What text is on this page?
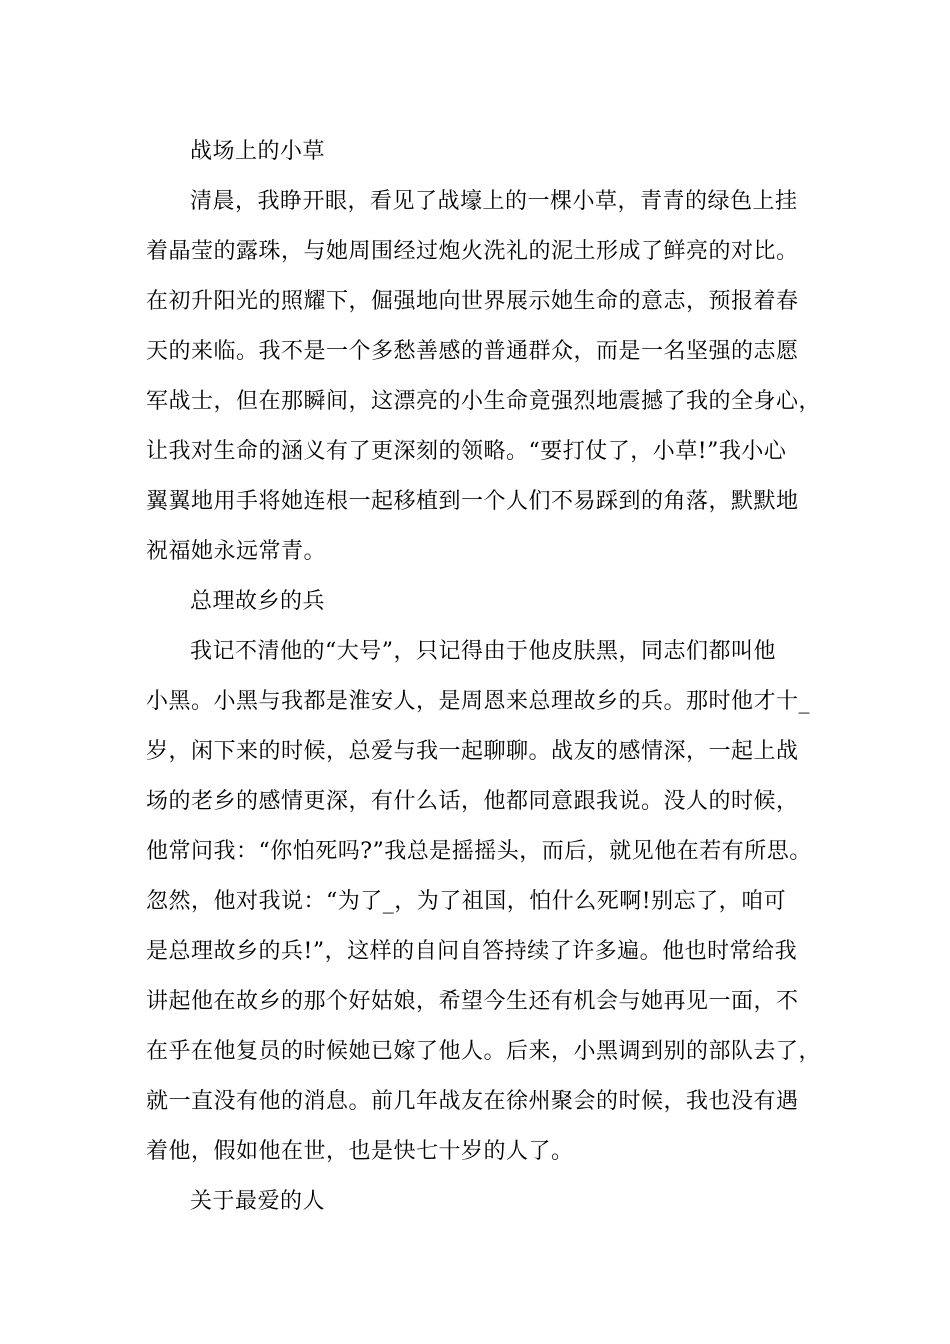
战场上的小草
清晨，我睁开眼，看见了战壕上的一棵小草，青青的绿色上挂
着晶莹的露珠，与她周围经过炮火洗礼的泥土形成了鲜亮的对比。
在初升阳光的照耀下，倔强地向世界展示她生命的意志，预报着春
天的来临。我不是一个多愁善感的普通群众，而是一名坚强的志愿
军战士，但在那瞬间，这漂亮的小生命竟强烈地震撼了我的全身心，
让我对生命的涵义有了更深刻的领略。“要打仗了，小草!”我小心
翼翼地用手将她连根一起移植到一个人们不易踩到的角落，默默地
祝福她永远常青。
总理故乡的兵
我记不清他的“大号”，只记得由于他皮肤黑，同志们都叫他
小黑。小黑与我都是淮安人，是周恩来总理故乡的兵。那时他才十_
岁，闲下来的时候，总爱与我一起聊聊。战友的感情深，一起上战
场的老乡的感情更深，有什么话，他都同意跟我说。没人的时候，
他常问我：“你怕死吗?”我总是摇摇头，而后，就见他在若有所思。
忽然，他对我说：“为了_，为了祖国，怕什么死啊!别忘了，咱可
是总理故乡的兵!”，这样的自问自答持续了许多遍。他也时常给我
讲起他在故乡的那个好姑娘，希望今生还有机会与她再见一面，不
在乎在他复员的时候她已嫁了他人。后来，小黑调到别的部队去了，
就一直没有他的消息。前几年战友在徐州聚会的时候，我也没有遇
着他，假如他在世，也是快七十岁的人了。
关于最爱的人
